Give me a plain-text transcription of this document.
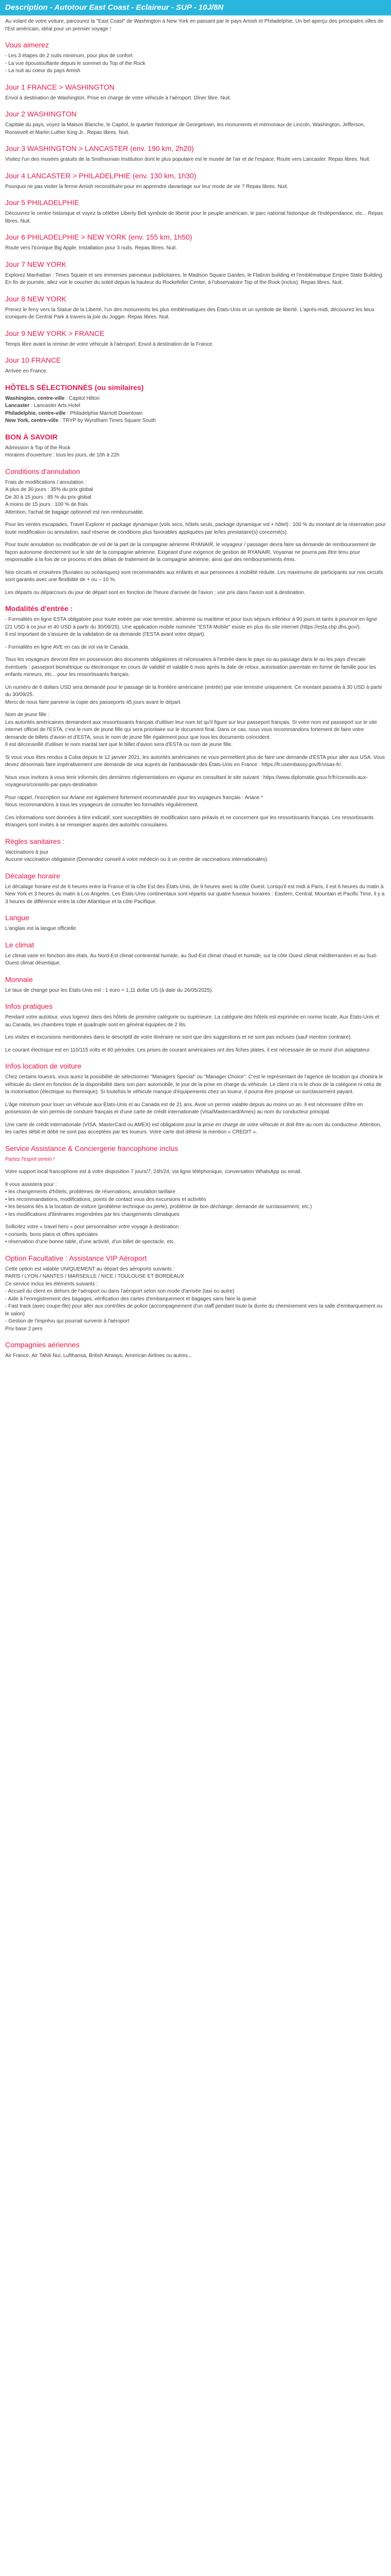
Description - Autotour East Coast - Eclaireur - SUP - 10J/8N

Au volant de votre voiture, parcourez la "East Coast" de Washington à New York en passant par le pays Amish et Philadelphie. Un bel aperçu des principales villes de l'Est américain, idéal pour un premier voyage !

Vous aimerez
- Les 3 étapes de 2 nuits minimum, pour plus de confort
- La vue époustouflante depuis le sommet du Top of the Rock
- La nuit au coeur du pays Amish
Jour 1 FRANCE > WASHINGTON

Envol à destination de Washington. Prise en charge de votre véhicule à l'aéroport. Dîner libre. Nuit.

Jour 2 WASHINGTON

Capitale du pays, voyez la Maison Blanche, le Capitol, le quartier historique de Georgetown, les monuments et mémoriaux de Lincoln, Washington, Jefferson, Roosevelt et Martin Luther King Jr.. Repas libres. Nuit.

Jour 3 WASHINGTON > LANCASTER (env. 190 km, 2h20)

Visitez l'un des musées gratuits de la Smithsonian Institution dont le plus populaire est le musée de l'air et de l'espace. Route vers Lancaster. Repas libres. Nuit.

Jour 4 LANCASTER > PHILADELPHIE (env. 130 km, 1h30)

Pourquoi ne pas visiter la ferme Amish reconstituée pour en apprendre davantage sur leur mode de vie ? Repas libres. Nuit.

Jour 5 PHILADELPHIE

Découvrez le centre historique et voyez la célèbre Liberty Bell symbole de liberté pour le peuple américain, le parc national historique de l'Indépendance, etc... Repas libres. Nuit.

Jour 6 PHILADELPHIE > NEW YORK (env. 155 km, 1h50)

Route vers l'iconique Big Apple. Installation pour 3 nuits. Repas libres. Nuit.

Jour 7 NEW YORK

Explorez Manhattan : Times Square et ses immenses panneaux publicitaires, le Madison Square Garden, le Flatiron building et l'emblématique Empire State Building. En fin de journée, allez voir le coucher du soleil depuis la hauteur du Rockefeller Center, à l'observatoire Top of the Rock (inclus). Repas libres. Nuit.

Jour 8 NEW YORK

Prenez le ferry vers la Statue de la Liberté, l'un des monuments les plus emblématiques des États-Unis et un symbole de liberté. L'après-midi, découvrez les lieux iconiques de Central Park à travers la joie du Jogger. Repas libres. Nuit.

Jour 9 NEW YORK > FRANCE

Temps libre avant la remise de votre véhicule à l'aéroport. Envol à destination de la France.

Jour 10 FRANCE

Arrivée en France.

HÔTELS SÉLECTIONNÉS (ou similaires)

Washington, centre-ville : Capitol Hilton
Lancaster : Lancaster Arts Hotel
Philadelphie, centre-ville : Philadelphia Marriott Downtown
New York, centre-ville : TRYP by Wyndham Times Square South

BON À SAVOIR

Admission à Top of the Rock
Horaires d'ouverture : tous les jours, de 10h à 22h

Conditions d'annulation

Frais de modifications / annulation :
A plus de 30 jours : 35% du prix global
De 30 à 15 jours : 85 % du prix global
A moins de 15 jours : 100 % de frais
Attention, l'achat de bagage optionnel est non remboursable.

Pour les ventes escapades, Travel Explorer et package dynamique (vols secs, hôtels seuls, package dynamique vol + hôtel) : 100 % du montant de la réservation pour toute modification ou annulation, sauf réserve de conditions plus favorables appliquées par le/les prestataire(s) concerné(s).

Pour toute annulation ou modification de vol de la part de la compagnie aérienne RYANAIR, le voyageur / passager devra faire sa demande de remboursement de façon autonome directement sur le site de la compagnie aérienne. Exigeant d'une exigence de gestion de RYANAIR, Voyamar ne pourra pas être tenu pour responsable à la fois de ce process et des délais de traitement de la compagnie aérienne, ainsi que des remboursements émis.

Nos circuits et croisières (fluviales ou océaniques) sont recommandés aux enfants et aux personnes à mobilité réduite. Les maximums de participants sur nos circuits sont garantis avec une flexibilité de + ou – 10 %.

Les départs ou déparcours du jour de départ sont en fonction de l'heure d'arrivée de l'avion ; voir prix dans l'avion soit à destination.

Modalités d'entrée :

- Formalités en ligne ESTA obligatoire pour toute entrée par voie terrestre, aérienne ou maritime et pour tous séjours inférieur à 90 jours et tarés à pourvoir en ligne (21 USD à ce jour et 40 USD à partir du 30/09/25). Une application mobile nommée "ESTA Mobile" existe en plus du site internet (https://esta.cbp.dhs.gov/).
Il est important de s'assurer de la validation de sa demande (l'ESTA avant votre départ).

- Formalités en ligne AVE en cas de vol via le Canada.

Tous les voyageurs devront être en possession des documents obligatoires et nécessaires à l'entrée dans le pays ou au passage dans le ou les pays d'escale éventuels : passeport biométrique ou électronique en cours de validité et valable 6 mois après la date de retour, autorisation parentale en forme de famille pour les enfants mineurs, etc... pour les ressortissants français.

Un numéro de 6 dollars USD sera demandé pour le passage de la frontière américaine (entrée) par voie terrestre uniquement. Ce montant passera à 30 USD à partir du 30/09/25.
Merci de nous faire parvenir la copie des passeports 45 jours avant le départ.

Nom de jeune fille :
Les autorités américaines demandent aux ressortissants français d'utiliser leur nom tel qu'il figure sur leur passeport français. Si votre nom est passeport sur le site internet officiel de l'ESTA, c'est le nom de jeune fille qui sera prioritaire sur le document final. Dans ce cas, nous vous recommandons fortement de faire votre demande de billets d'avion et d'ESTA, sous le nom de jeune fille également pour que tous les documents coïncident.
Il est déconseillé d'utiliser le nom marital tant que le billet d'avion sera d'ESTA ou nom de jeune fille.

Si vous vous êtes rendus à Cuba depuis le 12 janvier 2021, les autorités américaines ne vous permettent plus de faire une demande d'ESTA pour aller aux USA. Vous devez désormais faire impérativement une demande de visa auprès de l'ambassade des États-Unis en France : https://fr.usembassy.gov/fr/visas-fr/.

Nous vous invitons à vous tenir informés des dernières réglementations en vigueur en consultant le site suivant : https://www.diplomatie.gouv.fr/fr/conseils-aux-voyageurs/conseils-par-pays-destination

Pour rappel, l'inscription sur Ariane est également fortement recommandée pour les voyageurs français : Ariane *
Nous recommandons à tous les voyageurs de consulter les formalités régulièrement.

Ces informations sont données à titre indicatif, sont susceptibles de modification sans préavis et ne concernent que les ressortissants français. Les ressortissants étrangers sont invités à se renseigner auprès des autorités consulaires.

Règles sanitaires :

Vaccinations à jour
Aucune vaccination obligatoire (Demandez conseil à votre médecin ou à un centre de vaccinations internationales).

Décalage horaire

Le décalage horaire est de 6 heures entre la France et la côte Est des États-Unis, de 9 heures avec la côte Ouest. Lorsqu'il est midi à Paris, il est 6 heures du matin à New York et 3 heures du matin à Los Angeles. Les États-Unis continentaux sont répartis sur quatre fuseaux horaires : Eastern, Central, Mountain et Pacific Time, il y a 3 heures de différence entre la côte Atlantique et la côte Pacifique.

Langue

L'anglais est la langue officielle.

Le climat

Le climat varie en fonction des états. Au Nord-Est climat continental humide, au Sud-Est climat chaud et humide, sur la côte Ouest climat méditerranéen et au Sud-Ouest climat désertique.

Monnaie

Le taux de change pour les États-Unis est : 1 euro = 1,11 dollar US (à date du 26/05/2025).

Infos pratiques

Pendant votre autotour, vous logerez dans des hôtels de première catégorie ou supérieure. La catégorie des hôtels est exprimée en norme locale. Aux États-Unis et au Canada, les chambres triple et quadruple sont en général équipées de 2 lits.

Les visites et excursions mentionnées dans le descriptif de votre itinéraire ne sont que des suggestions et ne sont pas incluses (sauf mention contraire).

Le courant électrique est en 110/115 volts et 60 périodes. Les prises de courant américaines ont des fiches plates, il est nécessaire de se munir d'un adaptateur.

Infos location de voiture

Chez certains loueurs, vous aurez la possibilité de sélectionner "Managers Special" ou "Manager Choice". C'est le représentant de l'agence de location qui choisira le véhicule du client en fonction de la disponibilité dans son parc automobile, le jour de la prise en charge du véhicule. Le client n'a ni le choix de la catégorie ni celui de la motorisation (électrique ou thermique). Si toutefois le véhicule manque d'équipements chez un loueur, il pourra être proposé un surclassement payant.

L'âge minimum pour louer un véhicule aux États-Unis et au Canada est de 21 ans. Avoir un permis valable depuis au moins un an. Il est nécessaire d'être en possession de son permis de conduire français et d'une carte de crédit internationale (Visa/Mastercard/Amex) au nom du conducteur principal.

Une carte de crédit internationale (VISA, MasterCard ou AMEX) est obligatoire pour la prise en charge de votre véhicule et doit être au nom du conducteur. Attention, les cartes débit et débit ne sont pas acceptées par les loueurs. Votre carte doit détenir la mention « CREDIT ».

Service Assistance & Conciergerie francophone inclus

Partez l'esprit serein !

Votre support local francophone est à votre disposition 7 jours/7, 24h/24, via ligne téléphonique, conversation WhatsApp ou email.

Il vous assistera pour :
• les changements d'hôtels, problèmes de réservations, annulation tarifaire
• les recommandations, modifications, points de contact vous des excursions et activités
• les besoins liés à la location de voiture (problème technique ou perte), problème de bon déchange, demande de surclassement, etc.)
• les modifications d'itinéraires engendrées par les changements climatiques

Sollicitez votre « travel hero » pour personnaliser votre voyage à destination :
• conseils, bons plans et offres spéciales
• réservation d'une bonne table, d'une activité, d'un billet de spectacle, etc.

Option Facultative : Assistance VIP Aéroport

Cette option est valable UNIQUEMENT au départ des aéroports suivants :
PARIS / LYON / NANTES / MARSEILLE / NICE / TOULOUSE ET BORDEAUX
Ce service inclus les éléments suivants :
- Accueil du client en dehors de l'aéroport ou dans l'aéroport selon son mode d'arrivée (taxi ou autre)
- Aide à l'enregistrement des bagages, vérification des cartes d'embarquement et bagages sans faire la queue
- Fast track (avec coupe-file) pour aller aux contrôles de police (accompagnement d'un staff pendant toute la durée du cheminement vers la salle d'embarquement ou le salon)
- Gestion de l'imprévu qui pourrait survenir à l'aéroport
Prix base 2 pers

Compagnies aériennes

Air France, Air Tahiti Nui, Lufthansa, British Airways, American Airlines ou autres...
